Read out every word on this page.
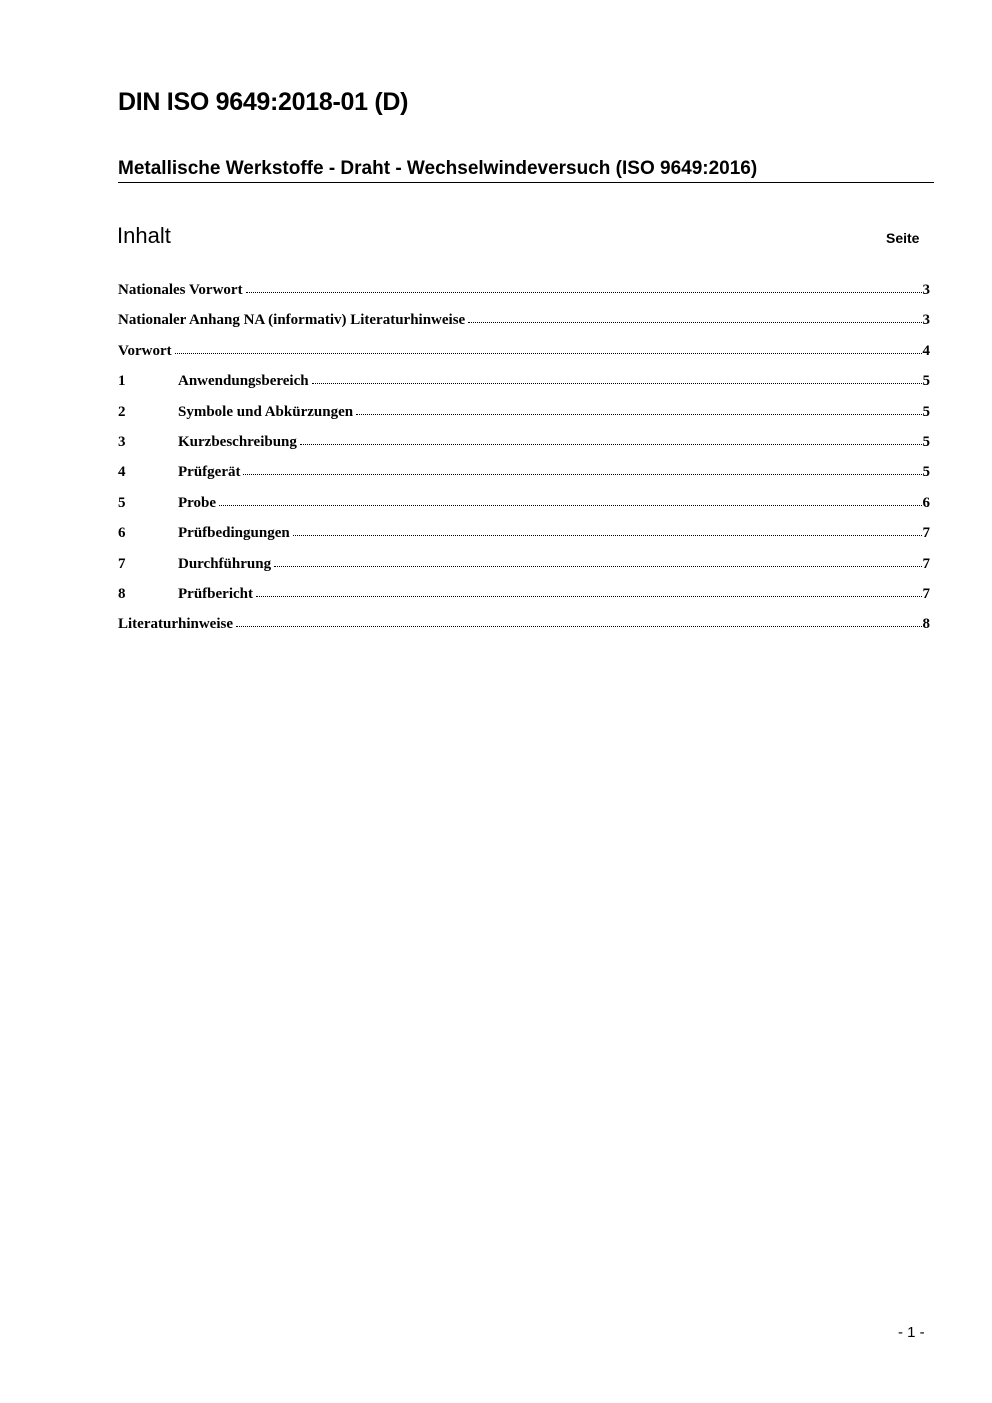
DIN ISO 9649:2018-01 (D)
Metallische Werkstoffe - Draht - Wechselwindeversuch (ISO 9649:2016)
Inhalt	Seite
Nationales Vorwort	3
Nationaler Anhang NA (informativ) Literaturhinweise	3
Vorwort	4
1	Anwendungsbereich	5
2	Symbole und Abkürzungen	5
3	Kurzbeschreibung	5
4	Prüfgerät	5
5	Probe	6
6	Prüfbedingungen	7
7	Durchführung	7
8	Prüfbericht	7
Literaturhinweise	8
- 1 -
